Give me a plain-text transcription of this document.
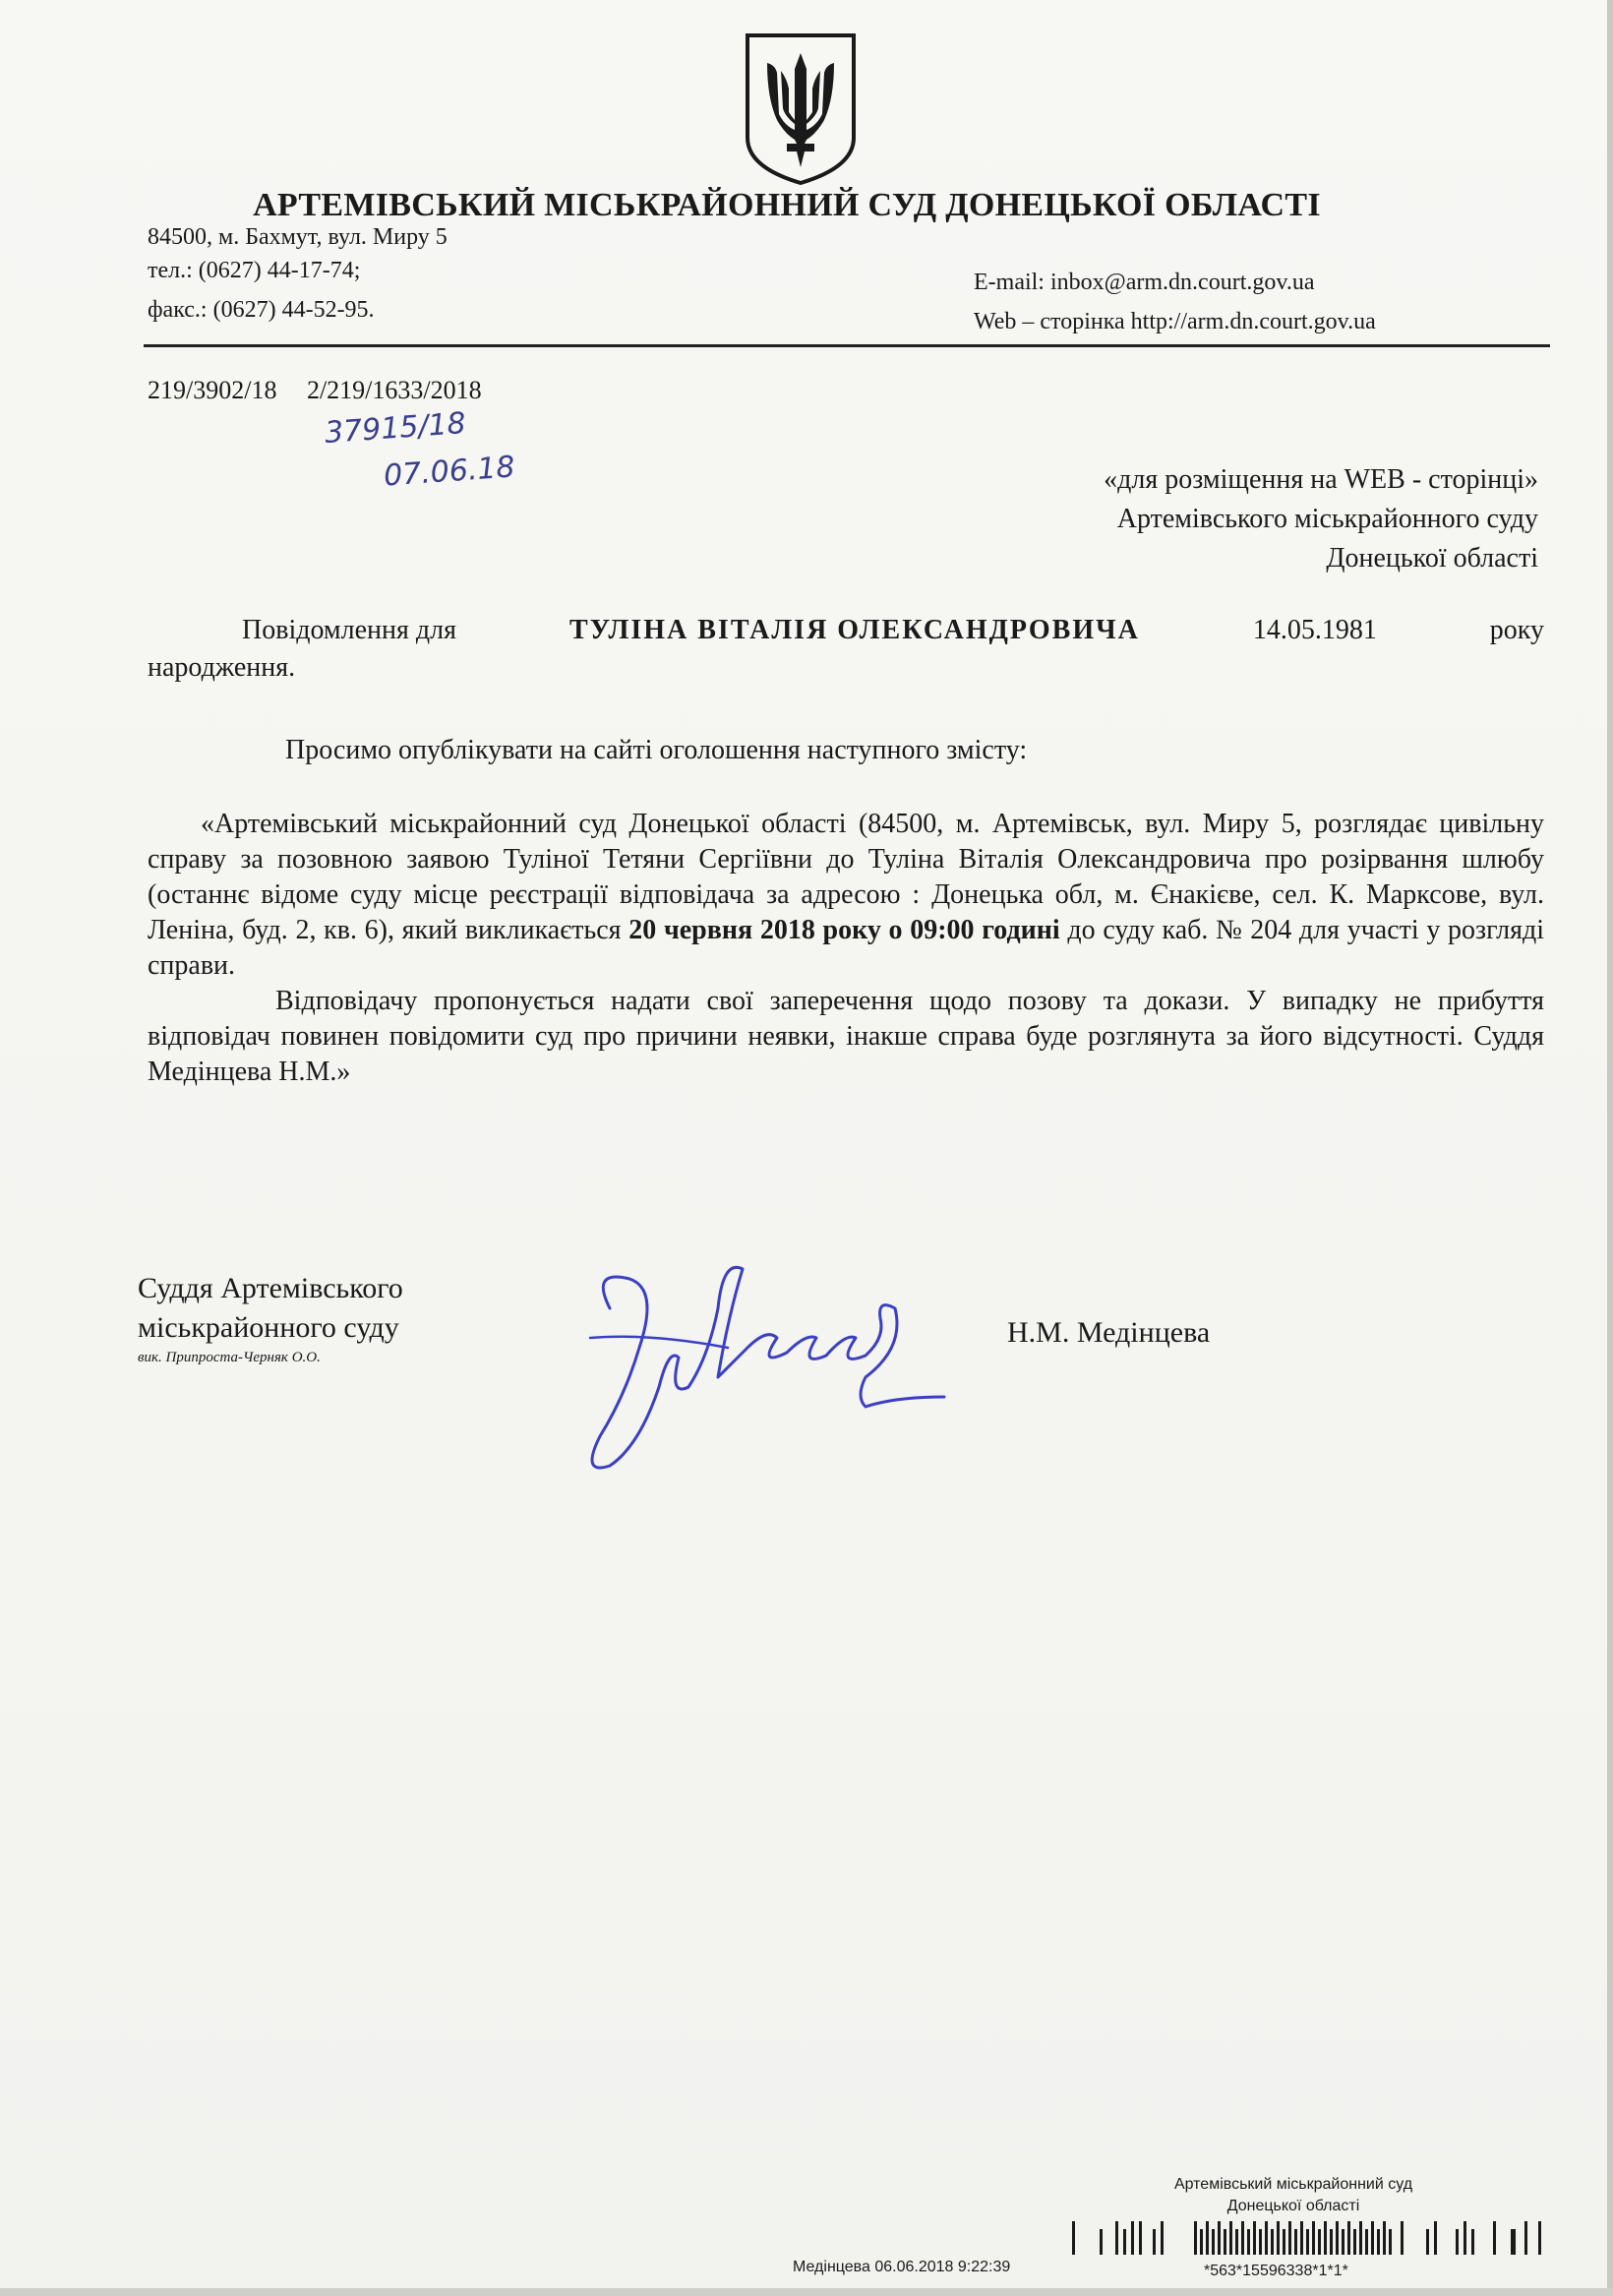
АРТЕМІВСЬКИЙ МІСЬКРАЙОННИЙ СУД ДОНЕЦЬКОЇ ОБЛАСТІ
84500, м. Бахмут, вул. Миру 5
тел.: (0627) 44-17-74;
факс.: (0627) 44-52-95.
E-mail: inbox@arm.dn.court.gov.ua
Web – сторінка http://arm.dn.court.gov.ua
219/3902/18 2/219/1633/2018
37915/18
07.06.18	«для розміщення на WEB - сторінці»
Артемівського міськрайонного суду
Донецької області
Повідомлення для	ТУЛІНА ВІТАЛІЯ ОЛЕКСАНДРОВИЧА	14.05.1981	року
народження.
Просимо опублікувати на сайті оголошення наступного змісту:
«Артемівський міськрайонний суд Донецької області (84500, м. Артемівськ, вул. Миру 5, розглядає цивільну справу за позовною заявою Туліної Тетяни Сергіївни до Туліна Віталія Олександровича про розірвання шлюбу (останнє відоме суду місце реєстрації відповідача за адресою : Донецька обл, м. Єнакієве, сел. К. Марксове, вул. Леніна, буд. 2, кв. 6), який викликається 20 червня 2018 року о 09:00 годині до суду каб. № 204 для участі у розгляді справи.
Відповідачу пропонується надати свої заперечення щодо позову та докази. У випадку не прибуття відповідач повинен повідомити суд про причини неявки, інакше справа буде розглянута за його відсутності. Суддя Медінцева Н.М.»
Суддя Артемівського
міськрайонного суду
вик. Припроста-Черняк О.О.
Н.М. Медінцева
Артемівський міськрайонний суд
Донецької області
Медінцева 06.06.2018 9:22:39	*563*15596338*1*1*
